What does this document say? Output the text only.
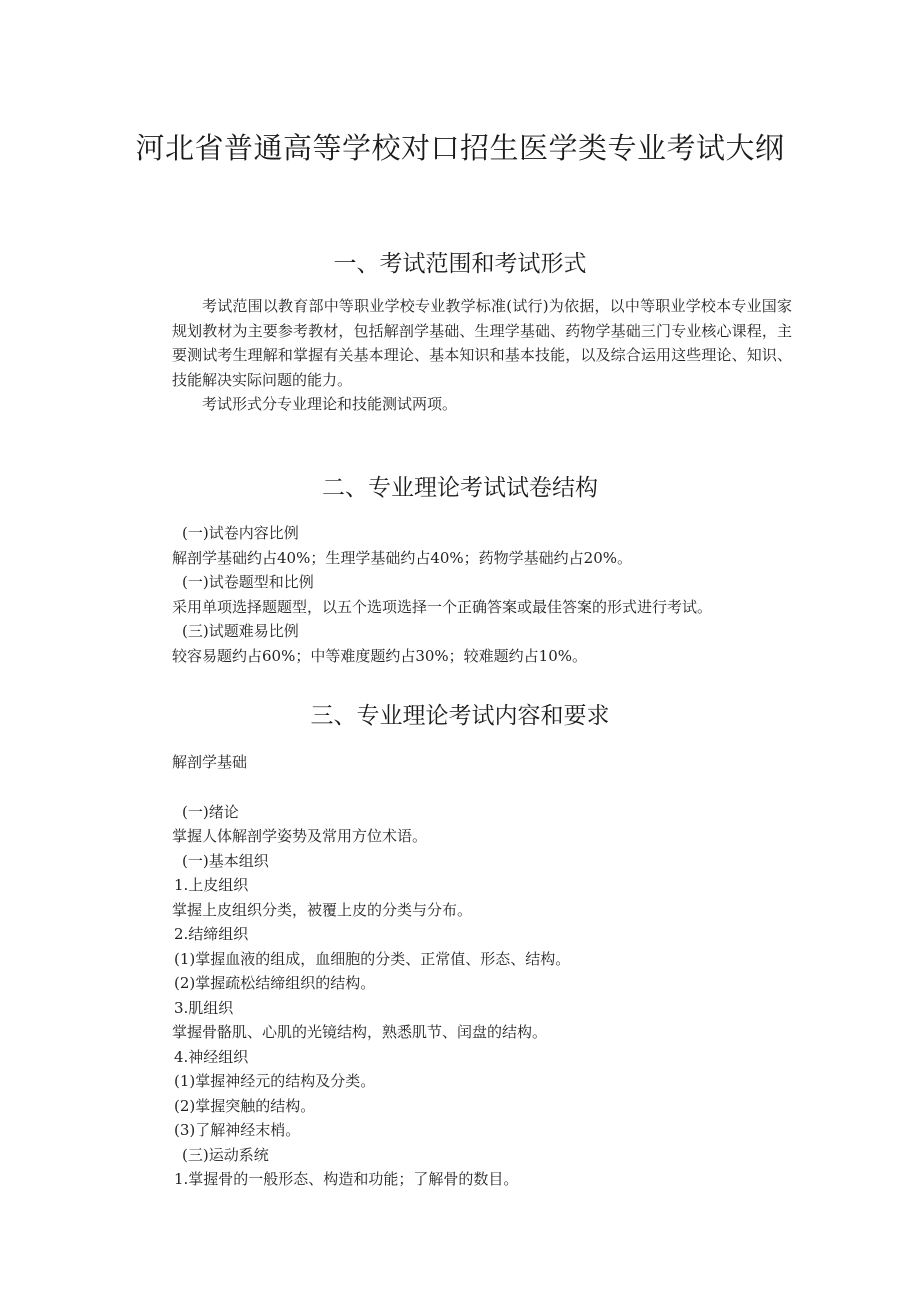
河北省普通高等学校对口招生医学类专业考试大纲
一、考试范围和考试形式

考试范围以教育部中等职业学校专业教学标准(试行)为依据，以中等职业学校本专业国家规划教材为主要参考教材，包括解剖学基础、生理学基础、药物学基础三门专业核心课程，主要测试考生理解和掌握有关基本理论、基本知识和基本技能，以及综合运用这些理论、知识、技能解决实际问题的能力。

考试形式分专业理论和技能测试两项。

二、专业理论考试试卷结构

(一)试卷内容比例

解剖学基础约占40%；生理学基础约占40%；药物学基础约占20%。

(一)试卷题型和比例

采用单项选择题题型，以五个选项选择一个正确答案或最佳答案的形式进行考试。

(三)试题难易比例

较容易题约占60%；中等难度题约占30%；较难题约占10%。

三、专业理论考试内容和要求

解剖学基础

(一)绪论

掌握人体解剖学姿势及常用方位术语。

(一)基本组织

1.上皮组织

掌握上皮组织分类，被覆上皮的分类与分布。

2.结缔组织

(1)掌握血液的组成，血细胞的分类、正常值、形态、结构。

(2)掌握疏松结缔组织的结构。

3.肌组织

掌握骨骼肌、心肌的光镜结构，熟悉肌节、闰盘的结构。

4.神经组织

(1)掌握神经元的结构及分类。

(2)掌握突触的结构。

(3)了解神经末梢。

(三)运动系统

1.掌握骨的一般形态、构造和功能；了解骨的数目。
